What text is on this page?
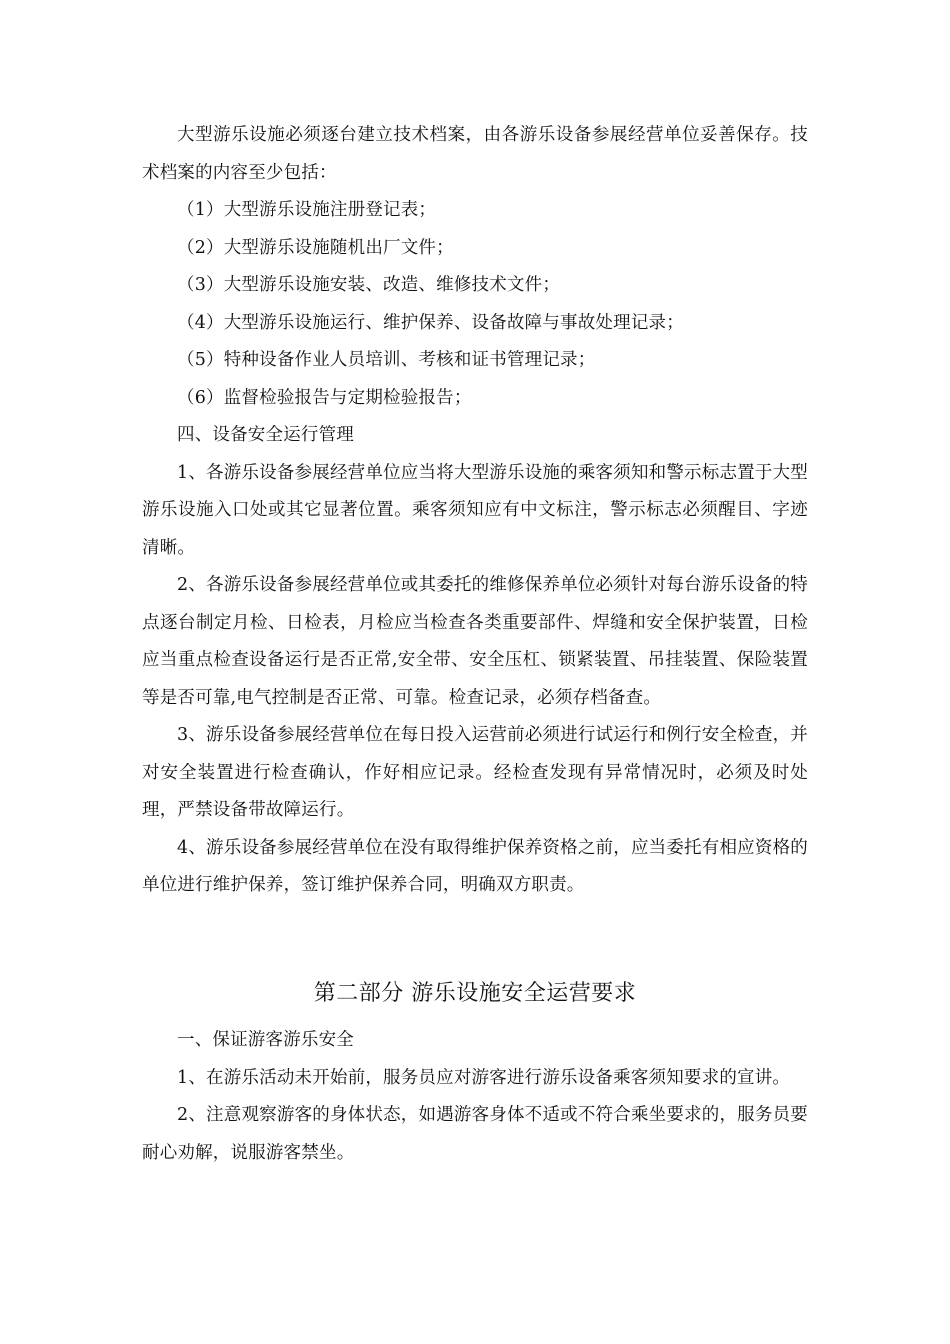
大型游乐设施必须逐台建立技术档案，由各游乐设备参展经营单位妥善保存。技术档案的内容至少包括：

（1）大型游乐设施注册登记表；

（2）大型游乐设施随机出厂文件；

（3）大型游乐设施安装、改造、维修技术文件；

（4）大型游乐设施运行、维护保养、设备故障与事故处理记录；

（5）特种设备作业人员培训、考核和证书管理记录；

（6）监督检验报告与定期检验报告；

四、设备安全运行管理

1、各游乐设备参展经营单位应当将大型游乐设施的乘客须知和警示标志置于大型游乐设施入口处或其它显著位置。乘客须知应有中文标注，警示标志必须醒目、字迹清晰。

2、各游乐设备参展经营单位或其委托的维修保养单位必须针对每台游乐设备的特点逐台制定月检、日检表，月检应当检查各类重要部件、焊缝和安全保护装置，日检应当重点检查设备运行是否正常,安全带、安全压杠、锁紧装置、吊挂装置、保险装置等是否可靠,电气控制是否正常、可靠。检查记录，必须存档备查。

3、游乐设备参展经营单位在每日投入运营前必须进行试运行和例行安全检查，并对安全装置进行检查确认，作好相应记录。经检查发现有异常情况时，必须及时处理，严禁设备带故障运行。

4、游乐设备参展经营单位在没有取得维护保养资格之前，应当委托有相应资格的单位进行维护保养，签订维护保养合同，明确双方职责。

第二部分 游乐设施安全运营要求

一、保证游客游乐安全

1、在游乐活动未开始前，服务员应对游客进行游乐设备乘客须知要求的宣讲。

2、注意观察游客的身体状态，如遇游客身体不适或不符合乘坐要求的，服务员要耐心劝解，说服游客禁坐。
